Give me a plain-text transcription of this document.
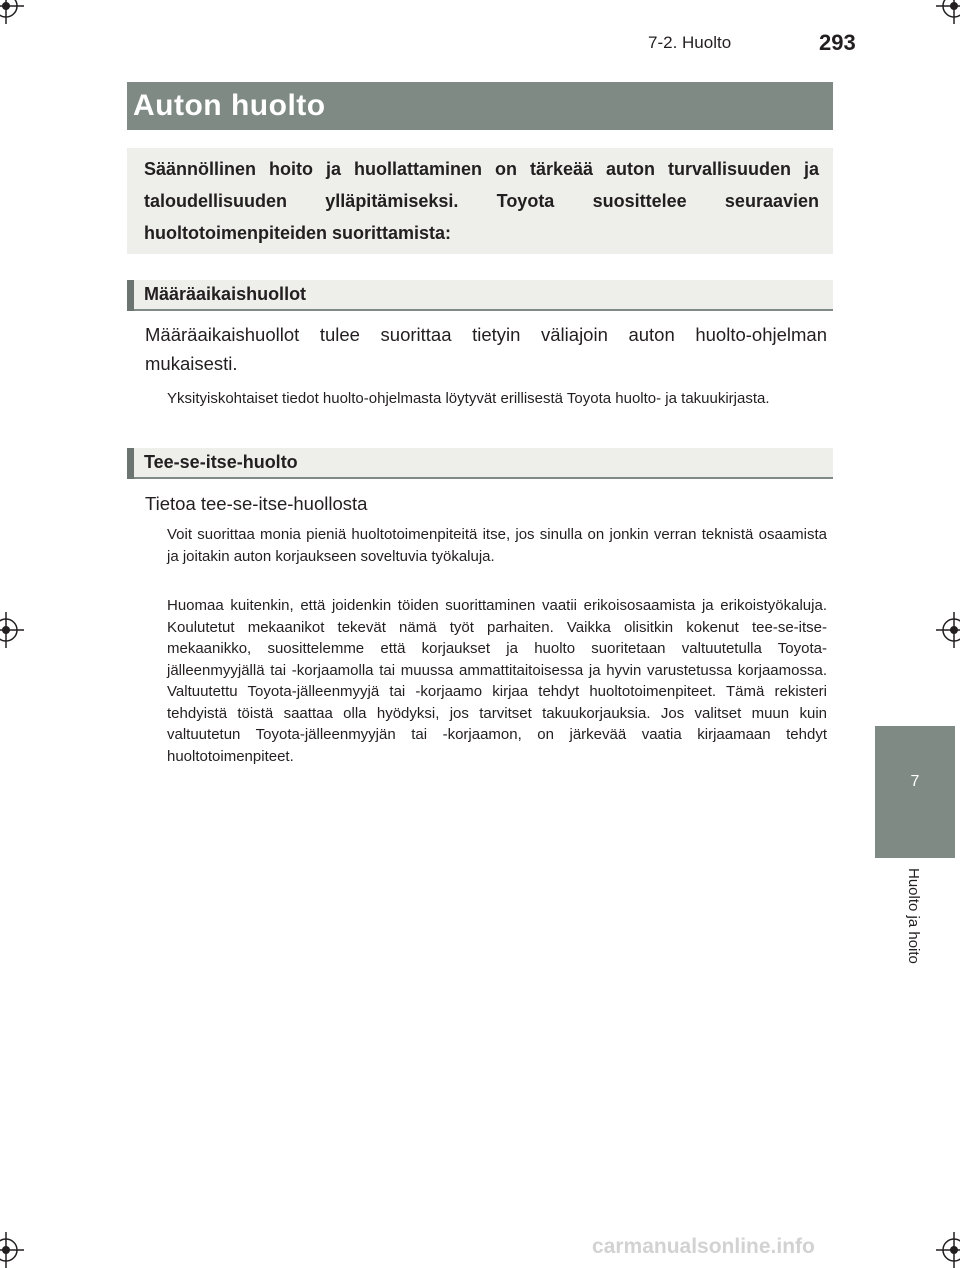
7-2. Huolto	293
Auton huolto
Säännöllinen hoito ja huollattaminen on tärkeää auton turvallisuuden ja taloudellisuuden ylläpitämiseksi. Toyota suosittelee seuraavien huoltotoimenpiteiden suorittamista:
Määräaikaishuollot
Määräaikaishuollot tulee suorittaa tietyin väliajoin auton huolto-ohjelman mukaisesti.
Yksityiskohtaiset tiedot huolto-ohjelmasta löytyvät erillisestä Toyota huolto- ja takuukirjasta.
Tee-se-itse-huolto
Tietoa tee-se-itse-huollosta
Voit suorittaa monia pieniä huoltotoimenpiteitä itse, jos sinulla on jonkin verran teknistä osaamista ja joitakin auton korjaukseen soveltuvia työkaluja.
Huomaa kuitenkin, että joidenkin töiden suorittaminen vaatii erikoisosaamista ja erikoistyökaluja. Koulutetut mekaanikot tekevät nämä työt parhaiten. Vaikka olisitkin kokenut tee-se-itse-mekaanikko, suosittelemme että korjaukset ja huolto suoritetaan valtuutetulla Toyota-jälleenmyyjällä tai -korjaamolla tai muussa ammattitaitoisessa ja hyvin varustetussa korjaamossa. Valtuutettu Toyota-jälleenmyyjä tai -korjaamo kirjaa tehdyt huoltotoimenpiteet. Tämä rekisteri tehdyistä töistä saattaa olla hyödyksi, jos tarvitset takuukorjauksia. Jos valitset muun kuin valtuutetun Toyota-jälleenmyyjän tai -korjaamon, on järkevää vaatia kirjaamaan tehdyt huoltotoimenpiteet.
7
Huolto ja hoito
carmanualsonline.info
